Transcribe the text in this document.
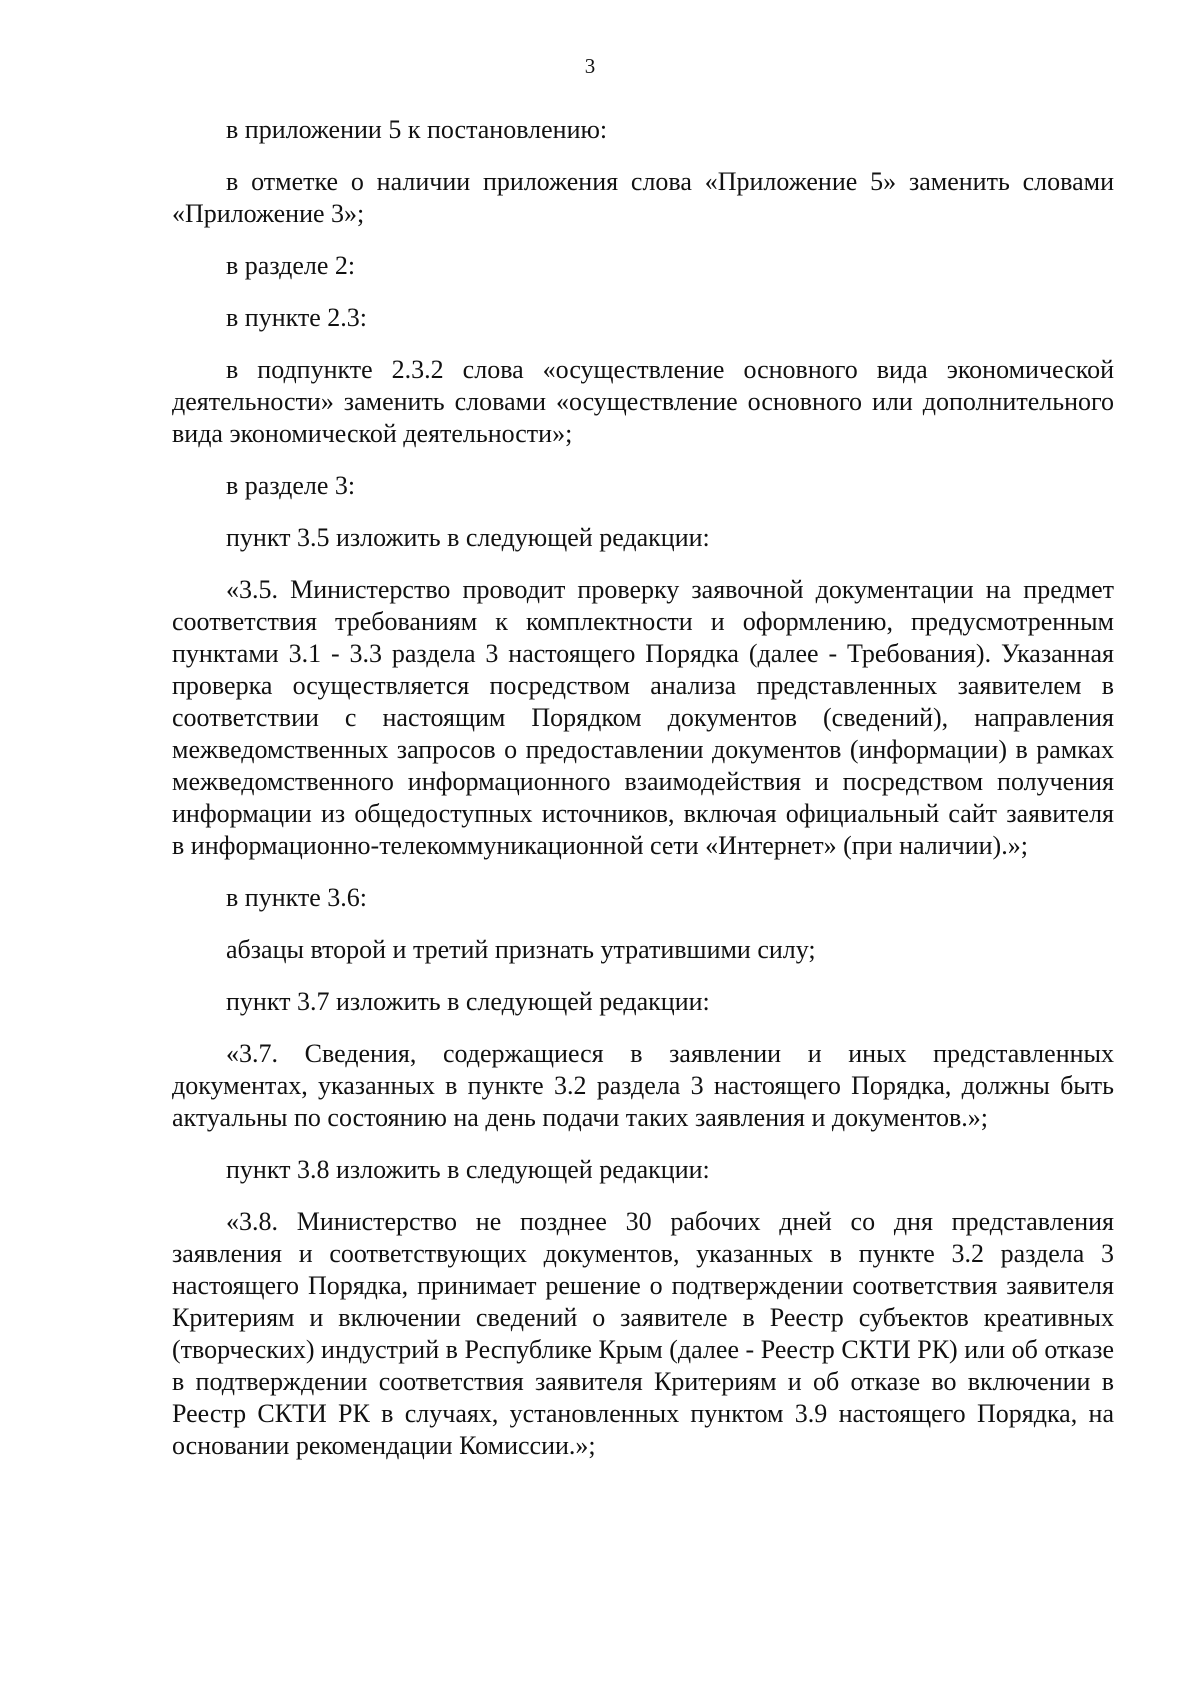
3

в приложении 5 к постановлению:

в отметке о наличии приложения слова «Приложение 5» заменить словами «Приложение 3»;

в разделе 2:

в пункте 2.3:

в подпункте 2.3.2 слова «осуществление основного вида экономической деятельности» заменить словами «осуществление основного или дополнительного вида экономической деятельности»;

в разделе 3:

пункт 3.5 изложить в следующей редакции:

«3.5. Министерство проводит проверку заявочной документации на предмет соответствия требованиям к комплектности и оформлению, предусмотренным пунктами 3.1 - 3.3 раздела 3 настоящего Порядка (далее - Требования). Указанная проверка осуществляется посредством анализа представленных заявителем в соответствии с настоящим Порядком документов (сведений), направления межведомственных запросов о предоставлении документов (информации) в рамках межведомственного информационного взаимодействия и посредством получения информации из общедоступных источников, включая официальный сайт заявителя в информационно-телекоммуникационной сети «Интернет» (при наличии).»;

в пункте 3.6:

абзацы второй и третий признать утратившими силу;

пункт 3.7 изложить в следующей редакции:

«3.7. Сведения, содержащиеся в заявлении и иных представленных документах, указанных в пункте 3.2 раздела 3 настоящего Порядка, должны быть актуальны по состоянию на день подачи таких заявления и документов.»;

пункт 3.8 изложить в следующей редакции:

«3.8. Министерство не позднее 30 рабочих дней со дня представления заявления и соответствующих документов, указанных в пункте 3.2 раздела 3 настоящего Порядка, принимает решение о подтверждении соответствия заявителя Критериям и включении сведений о заявителе в Реестр субъектов креативных (творческих) индустрий в Республике Крым (далее - Реестр СКТИ РК) или об отказе в подтверждении соответствия заявителя Критериям и об отказе во включении в Реестр СКТИ РК в случаях, установленных пунктом 3.9 настоящего Порядка, на основании рекомендации Комиссии.»;
